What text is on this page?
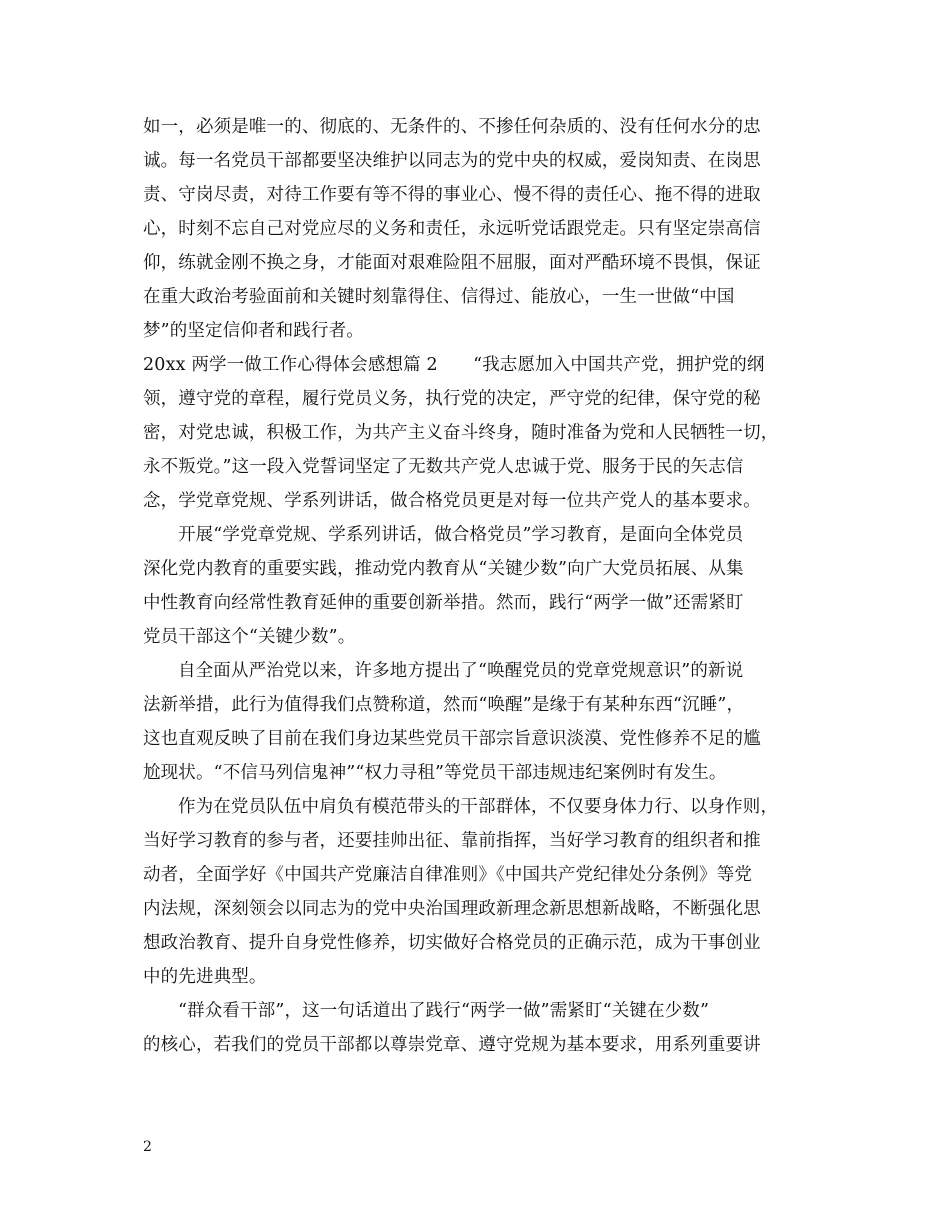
如一，必须是唯一的、彻底的、无条件的、不掺任何杂质的、没有任何水分的忠
诚。每一名党员干部都要坚决维护以同志为的党中央的权威，爱岗知责、在岗思
责、守岗尽责，对待工作要有等不得的事业心、慢不得的责任心、拖不得的进取
心，时刻不忘自己对党应尽的义务和责任，永远听党话跟党走。只有坚定崇高信
仰，练就金刚不换之身，才能面对艰难险阻不屈服，面对严酷环境不畏惧，保证
在重大政治考验面前和关键时刻靠得住、信得过、能放心，一生一世做“中国
梦”的坚定信仰者和践行者。
20xx 两学一做工作心得体会感想篇 2　　“我志愿加入中国共产党，拥护党的纲
领，遵守党的章程，履行党员义务，执行党的决定，严守党的纪律，保守党的秘
密，对党忠诚，积极工作，为共产主义奋斗终身，随时准备为党和人民牺牲一切，
永不叛党。”这一段入党誓词坚定了无数共产党人忠诚于党、服务于民的矢志信
念，学党章党规、学系列讲话，做合格党员更是对每一位共产党人的基本要求。
开展“学党章党规、学系列讲话，做合格党员”学习教育，是面向全体党员
深化党内教育的重要实践，推动党内教育从“关键少数”向广大党员拓展、从集
中性教育向经常性教育延伸的重要创新举措。然而，践行“两学一做”还需紧盯
党员干部这个“关键少数”。
自全面从严治党以来，许多地方提出了“唤醒党员的党章党规意识”的新说
法新举措，此行为值得我们点赞称道，然而“唤醒”是缘于有某种东西“沉睡”，
这也直观反映了目前在我们身边某些党员干部宗旨意识淡漠、党性修养不足的尴
尬现状。“不信马列信鬼神”“权力寻租”等党员干部违规违纪案例时有发生。
作为在党员队伍中肩负有模范带头的干部群体，不仅要身体力行、以身作则，
当好学习教育的参与者，还要挂帅出征、靠前指挥，当好学习教育的组织者和推
动者，全面学好《中国共产党廉洁自律准则》《中国共产党纪律处分条例》等党
内法规，深刻领会以同志为的党中央治国理政新理念新思想新战略，不断强化思
想政治教育、提升自身党性修养，切实做好合格党员的正确示范，成为干事创业
中的先进典型。
“群众看干部”，这一句话道出了践行“两学一做”需紧盯“关键在少数”
的核心，若我们的党员干部都以尊崇党章、遵守党规为基本要求，用系列重要讲
2
